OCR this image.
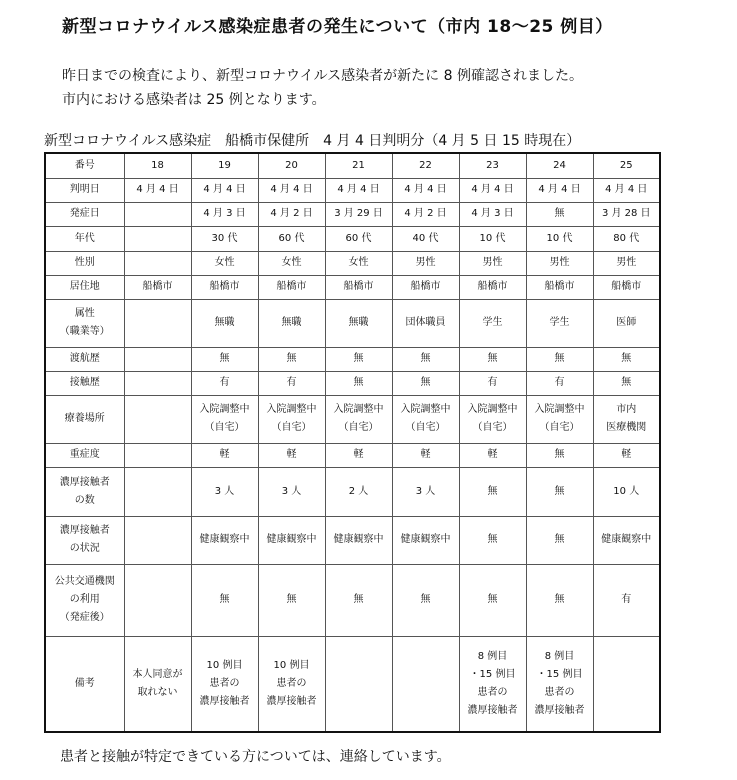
新型コロナウイルス感染症患者の発生について（市内 18〜25 例目）
昨日までの検査により、新型コロナウイルス感染者が新たに 8 例確認されました。
市内における感染者は 25 例となります。
新型コロナウイルス感染症　船橋市保健所　4 月 4 日判明分（4 月 5 日 15 時現在）
番号	18	19	20	21	22	23	24	25

判明日	4 月 4 日	4 月 4 日	4 月 4 日	4 月 4 日	4 月 4 日	4 月 4 日	4 月 4 日	4 月 4 日

発症日		4 月 3 日	4 月 2 日	3 月 29 日	4 月 2 日	4 月 3 日	無	3 月 28 日

年代		30 代	60 代	60 代	40 代	10 代	10 代	80 代

性別		女性	女性	女性	男性	男性	男性	男性

居住地	船橋市	船橋市	船橋市	船橋市	船橋市	船橋市	船橋市	船橋市

属性
（職業等）		無職	無職	無職	団体職員	学生	学生	医師

渡航歴		無	無	無	無	無	無	無

接触歴		有	有	無	無	有	有	無

療養場所		入院調整中
（自宅）	入院調整中
（自宅）	入院調整中
（自宅）	入院調整中
（自宅）	入院調整中
（自宅）	入院調整中
（自宅）	市内
医療機関

重症度		軽	軽	軽	軽	軽	無	軽

濃厚接触者
の数		3 人	3 人	2 人	3 人	無	無	10 人

濃厚接触者
の状況		健康観察中	健康観察中	健康観察中	健康観察中	無	無	健康観察中

公共交通機関
の利用
（発症後）		無	無	無	無	無	無	有

備考	本人同意が
取れない	10 例目
患者の
濃厚接触者	10 例目
患者の
濃厚接触者			8 例目
・15 例目
患者の
濃厚接触者	8 例目
・15 例目
患者の
濃厚接触者	

患者と接触が特定できている方については、連絡しています。
